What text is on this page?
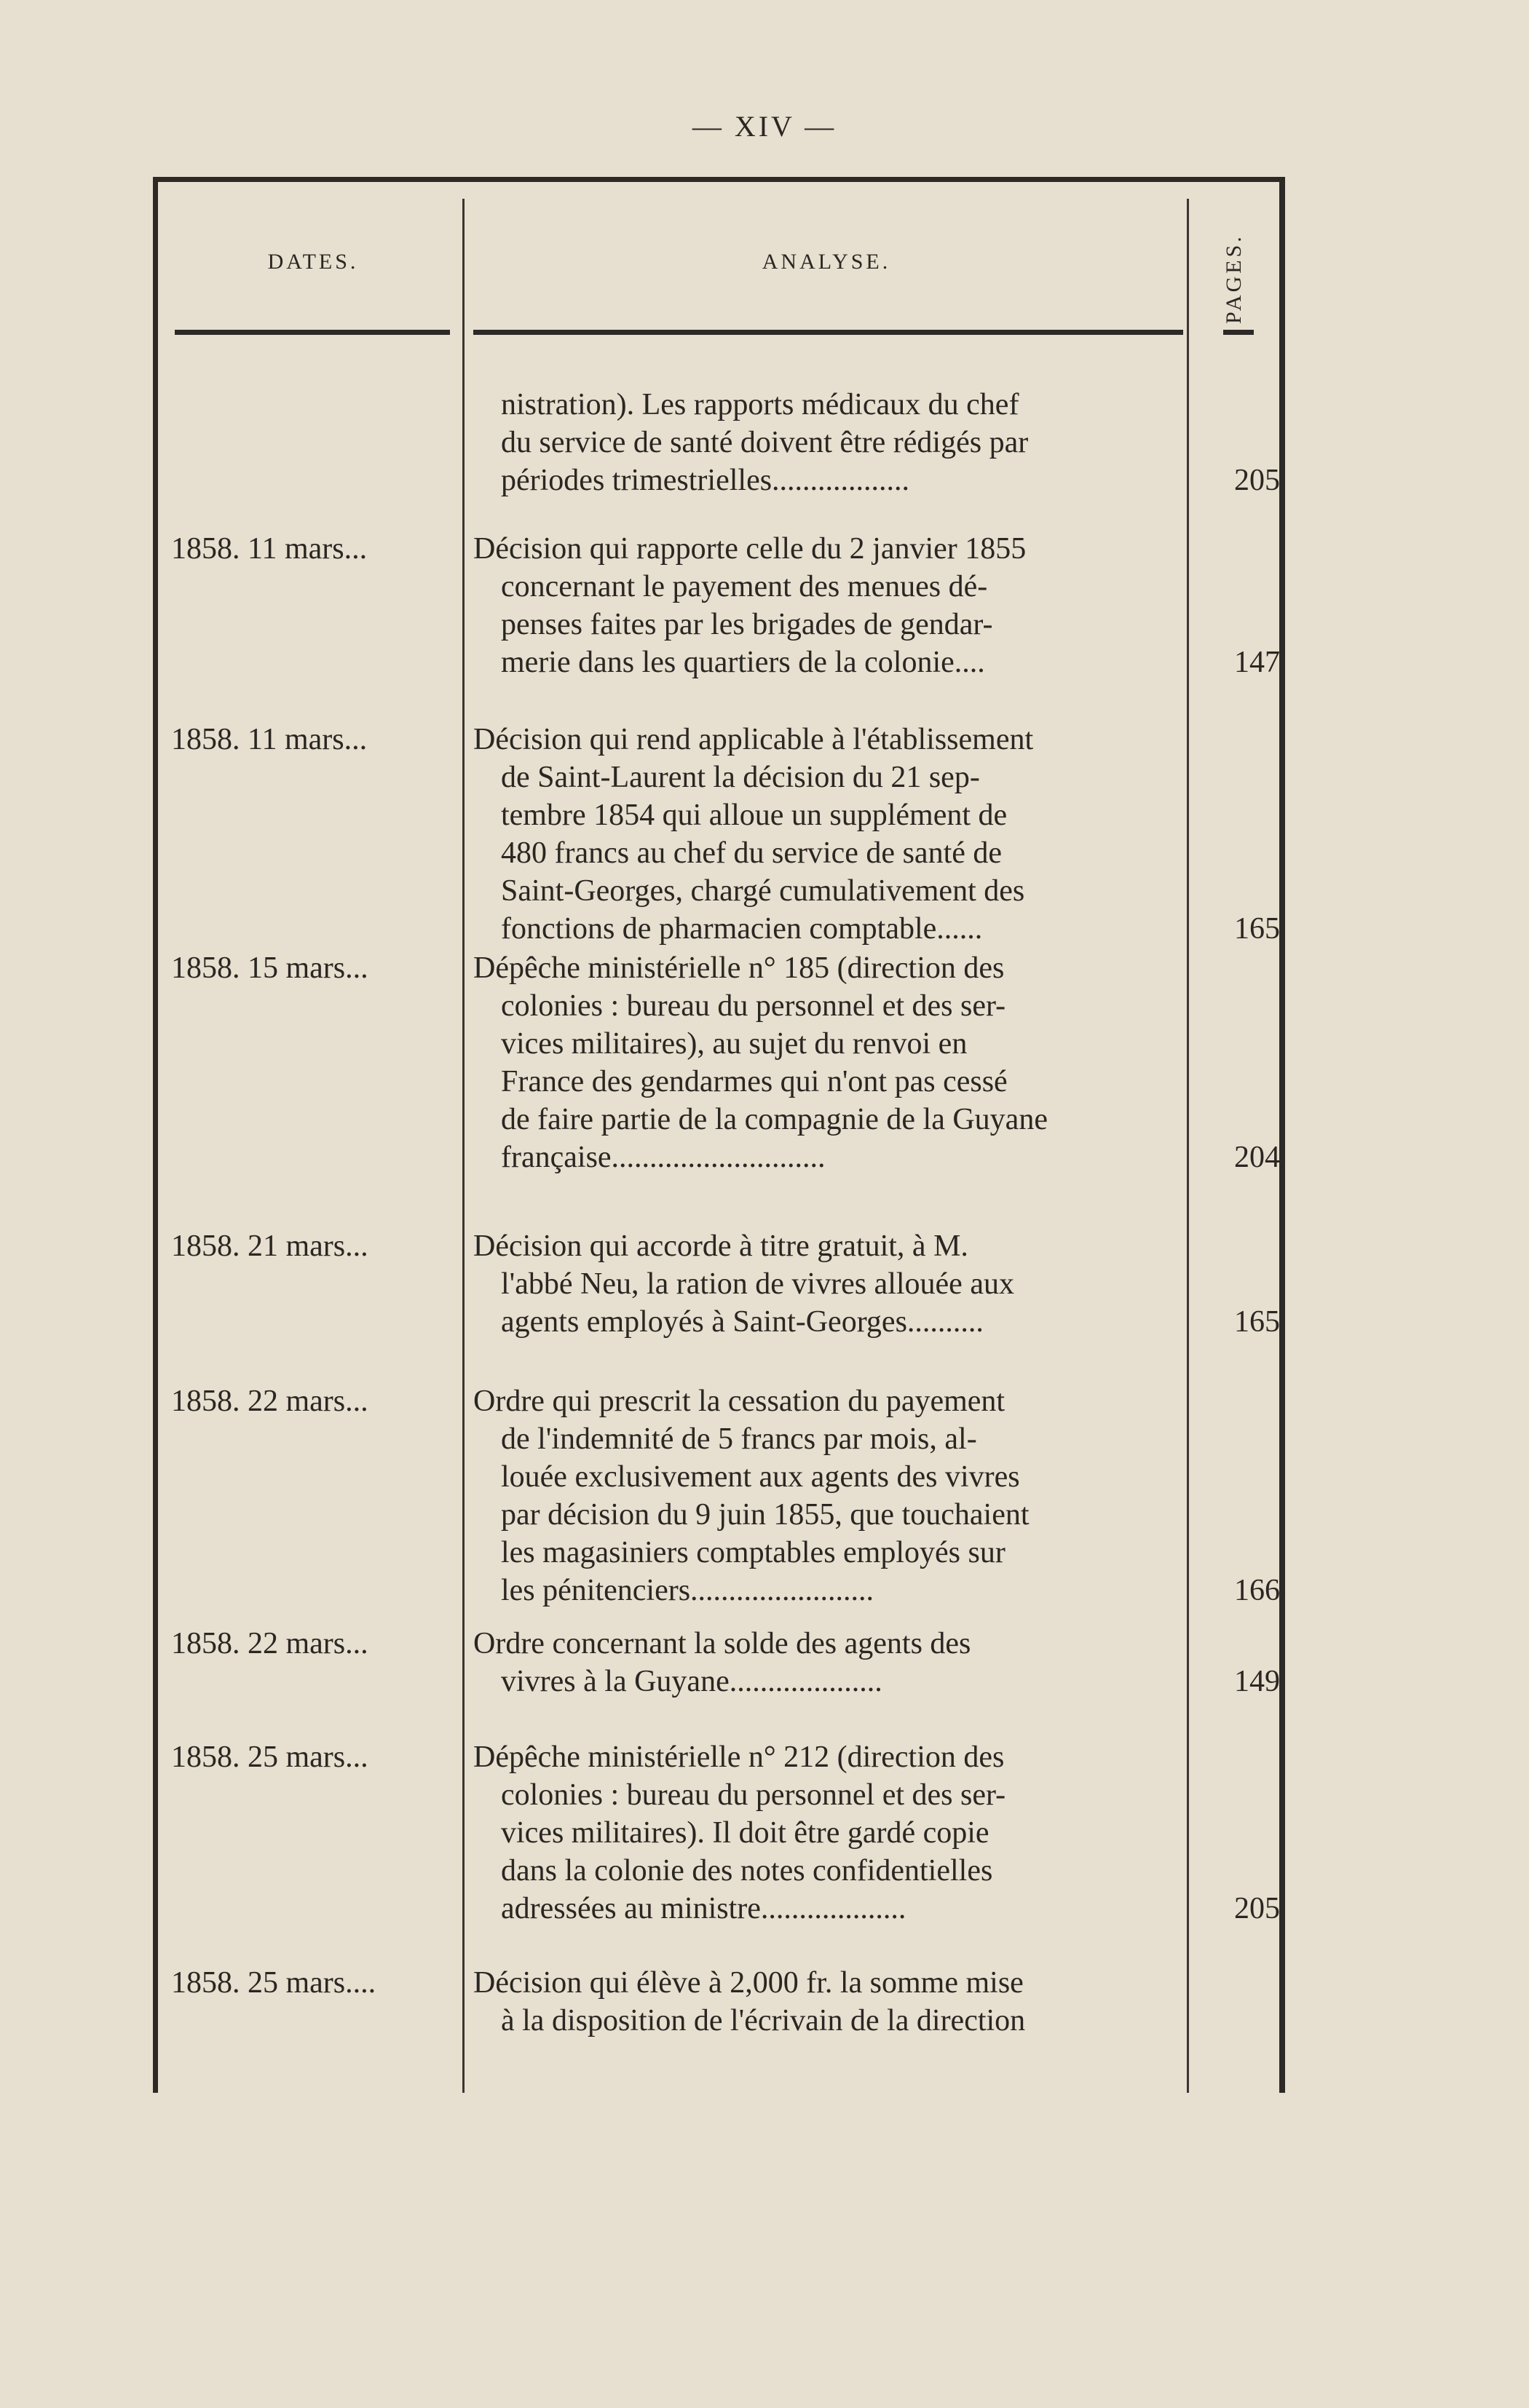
— XIV —
DATES.	ANALYSE.	PAGES.
nistration). Les rapports médicaux du chef
du service de santé doivent être rédigés par
périodes trimestrielles..................	205
1858. 11 mars...	Décision qui rapporte celle du 2 janvier 1855
concernant le payement des menues dé-
penses faites par les brigades de gendar-
merie dans les quartiers de la colonie....	147
1858. 11 mars...	Décision qui rend applicable à l'établissement
de Saint-Laurent la décision du 21 sep-
tembre 1854 qui alloue un supplément de
480 francs au chef du service de santé de
Saint-Georges, chargé cumulativement des
fonctions de pharmacien comptable......	165
1858. 15 mars...	Dépêche ministérielle n° 185 (direction des
colonies : bureau du personnel et des ser-
vices militaires), au sujet du renvoi en
France des gendarmes qui n'ont pas cessé
de faire partie de la compagnie de la Guyane
française............................	204
1858. 21 mars...	Décision qui accorde à titre gratuit, à M.
l'abbé Neu, la ration de vivres allouée aux
agents employés à Saint-Georges..........	165
1858. 22 mars...	Ordre qui prescrit la cessation du payement
de l'indemnité de 5 francs par mois, al-
louée exclusivement aux agents des vivres
par décision du 9 juin 1855, que touchaient
les magasiniers comptables employés sur
les pénitenciers........................	166
1858. 22 mars...	Ordre concernant la solde des agents des
vivres à la Guyane....................	149
1858. 25 mars...	Dépêche ministérielle n° 212 (direction des
colonies : bureau du personnel et des ser-
vices militaires). Il doit être gardé copie
dans la colonie des notes confidentielles
adressées au ministre...................	205
1858. 25 mars....	Décision qui élève à 2,000 fr. la somme mise
à la disposition de l'écrivain de la direction
